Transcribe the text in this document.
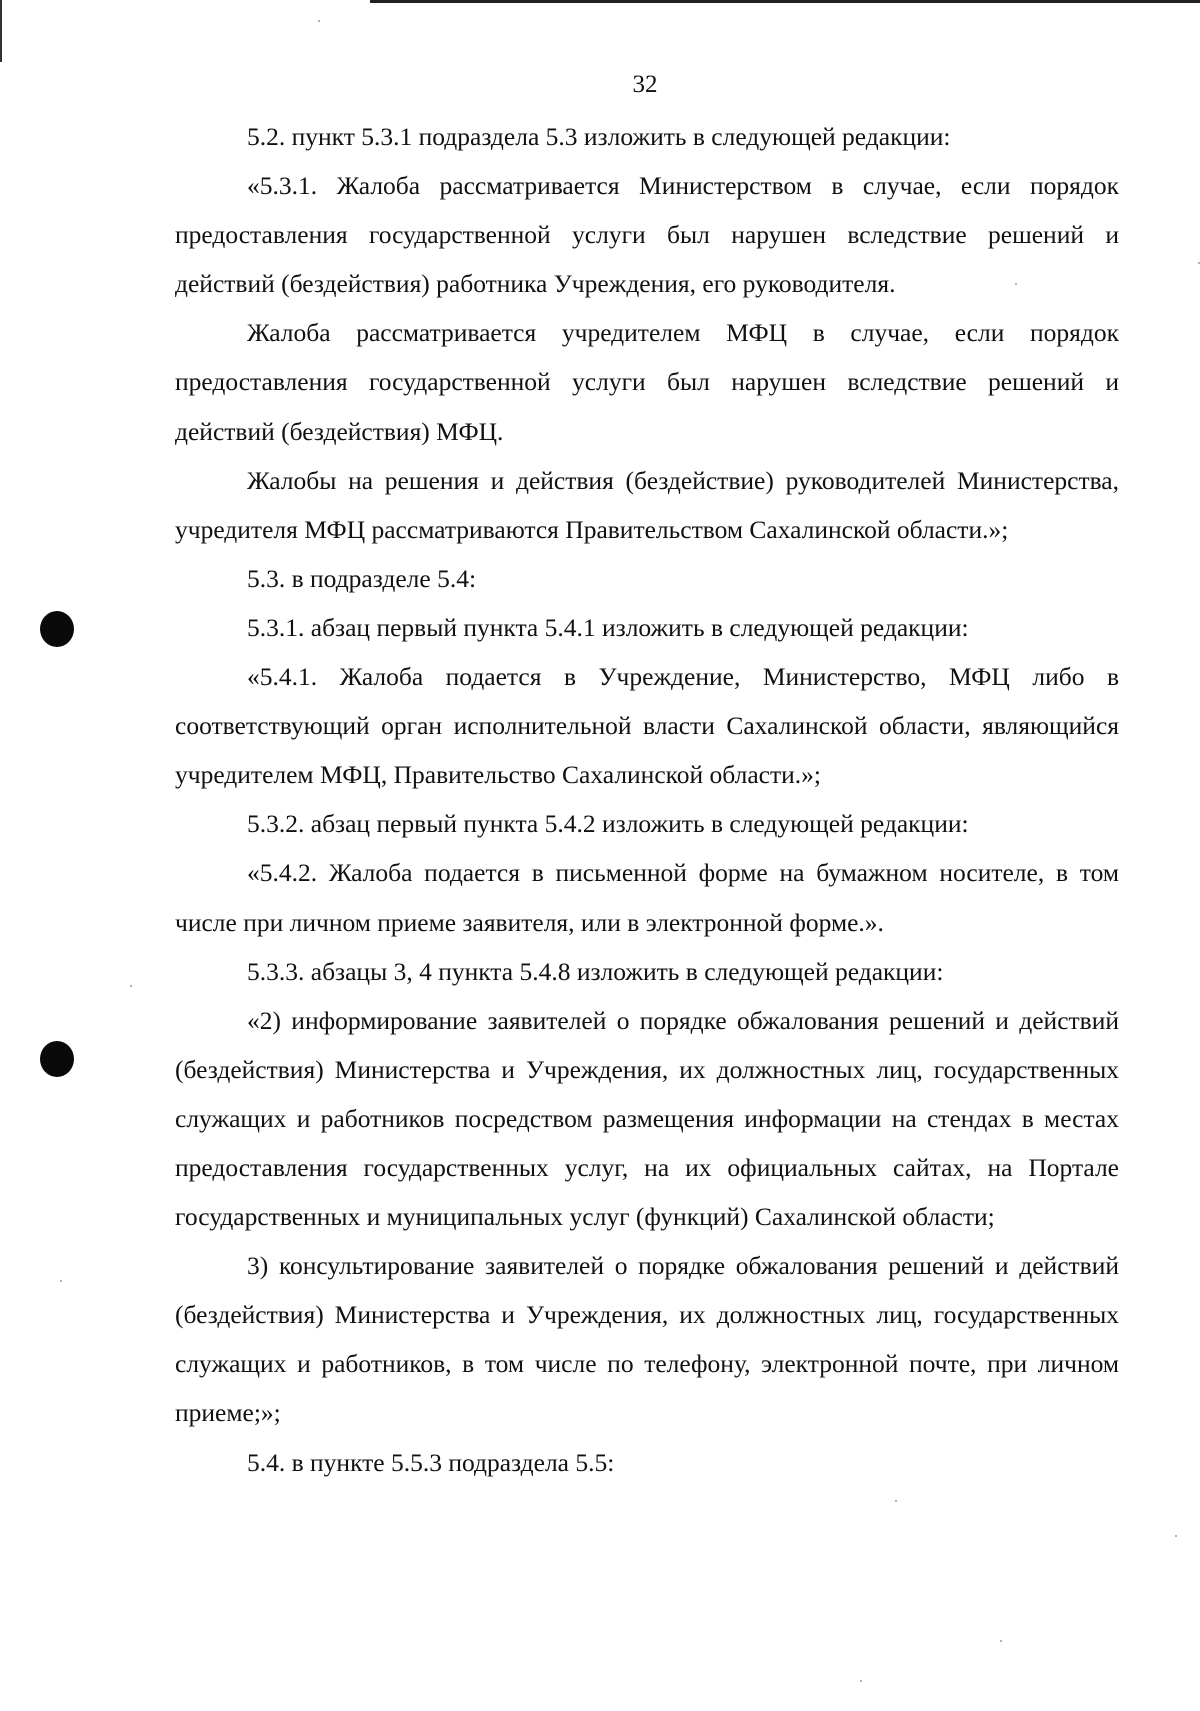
32

5.2. пункт 5.3.1 подраздела 5.3 изложить в следующей редакции:

«5.3.1. Жалоба рассматривается Министерством в случае, если порядок предоставления государственной услуги был нарушен вследствие решений и действий (бездействия) работника Учреждения, его руководителя.

Жалоба рассматривается учредителем МФЦ в случае, если порядок предоставления государственной услуги был нарушен вследствие решений и действий (бездействия) МФЦ.

Жалобы на решения и действия (бездействие) руководителей Министерства, учредителя МФЦ рассматриваются Правительством Сахалинской области.»;

5.3. в подразделе 5.4:

5.3.1. абзац первый пункта 5.4.1 изложить в следующей редакции:

«5.4.1. Жалоба подается в Учреждение, Министерство, МФЦ либо в соответствующий орган исполнительной власти Сахалинской области, являющийся учредителем МФЦ, Правительство Сахалинской области.»;

5.3.2. абзац первый пункта 5.4.2 изложить в следующей редакции:

«5.4.2. Жалоба подается в письменной форме на бумажном носителе, в том числе при личном приеме заявителя, или в электронной форме.».

5.3.3. абзацы 3, 4 пункта 5.4.8 изложить в следующей редакции:

«2) информирование заявителей о порядке обжалования решений и действий (бездействия) Министерства и Учреждения, их должностных лиц, государственных служащих и работников посредством размещения информации на стендах в местах предоставления государственных услуг, на их официальных сайтах, на Портале государственных и муниципальных услуг (функций) Сахалинской области;

3) консультирование заявителей о порядке обжалования решений и действий (бездействия) Министерства и Учреждения, их должностных лиц, государственных служащих и работников, в том числе по телефону, электронной почте, при личном приеме;»;

5.4. в пункте 5.5.3 подраздела 5.5:
